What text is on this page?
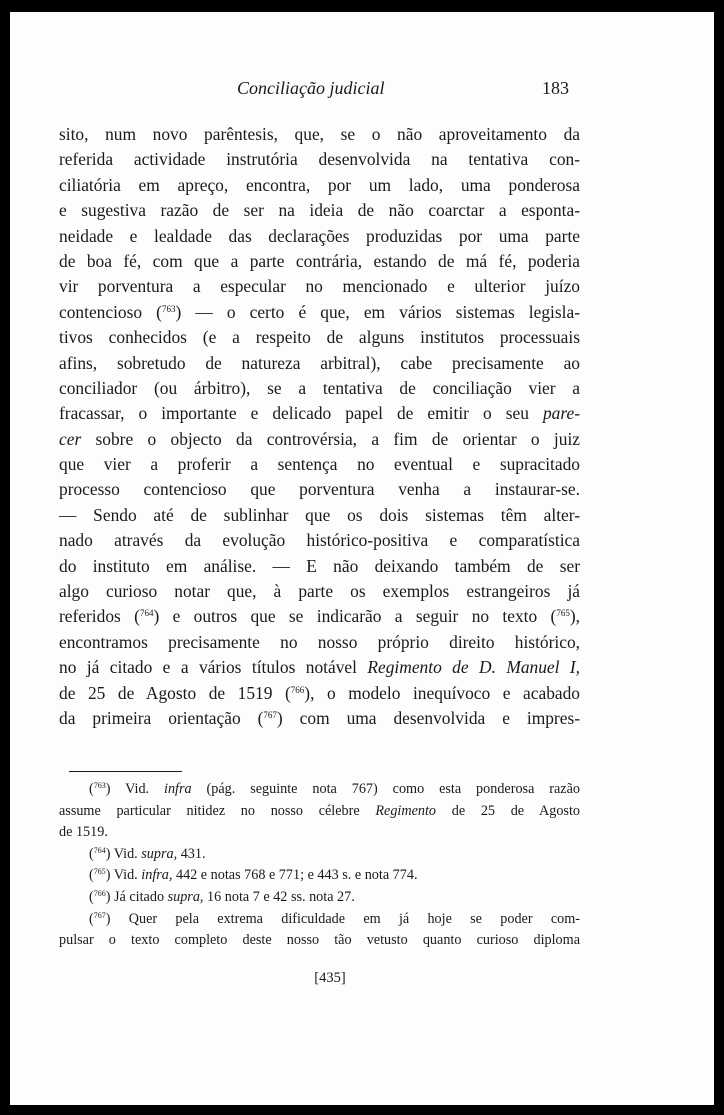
Conciliação judicial	183
sito, num novo parêntesis, que, se o não aproveitamento da
referida actividade instrutória desenvolvida na tentativa con-
ciliatória em apreço, encontra, por um lado, uma ponderosa
e sugestiva razão de ser na ideia de não coarctar a esponta-
neidade e lealdade das declarações produzidas por uma parte
de boa fé, com que a parte contrária, estando de má fé, poderia
vir porventura a especular no mencionado e ulterior juízo
contencioso ($^{763}$) — o certo é que, em vários sistemas legisla-
tivos conhecidos (e a respeito de alguns institutos processuais
afins, sobretudo de natureza arbitral), cabe precisamente ao
conciliador (ou árbitro), se a tentativa de conciliação vier a
fracassar, o importante e delicado papel de emitir o seu pare-
cer sobre o objecto da controvérsia, a fim de orientar o juiz
que vier a proferir a sentença no eventual e supracitado
processo contencioso que porventura venha a instaurar-se.
— Sendo até de sublinhar que os dois sistemas têm alter-
nado através da evolução histórico-positiva e comparatística
do instituto em análise. — E não deixando também de ser
algo curioso notar que, à parte os exemplos estrangeiros já
referidos ($^{764}$) e outros que se indicarão a seguir no texto ($^{765}$),
encontramos precisamente no nosso próprio direito histórico,
no já citado e a vários títulos notável Regimento de D. Manuel I,
de 25 de Agosto de 1519 ($^{766}$), o modelo inequívoco e acabado
da primeira orientação ($^{767}$) com uma desenvolvida e impres-
($^{763}$) Vid. infra (pág. seguinte nota 767) como esta ponderosa razão
assume particular nitidez no nosso célebre Regimento de 25 de Agosto
de 1519.
($^{764}$) Vid. supra, 431.
($^{765}$) Vid. infra, 442 e notas 768 e 771; e 443 s. e nota 774.
($^{766}$) Já citado supra, 16 nota 7 e 42 ss. nota 27.
($^{767}$) Quer pela extrema dificuldade em já hoje se poder com-
pulsar o texto completo deste nosso tão vetusto quanto curioso diploma
[435]
